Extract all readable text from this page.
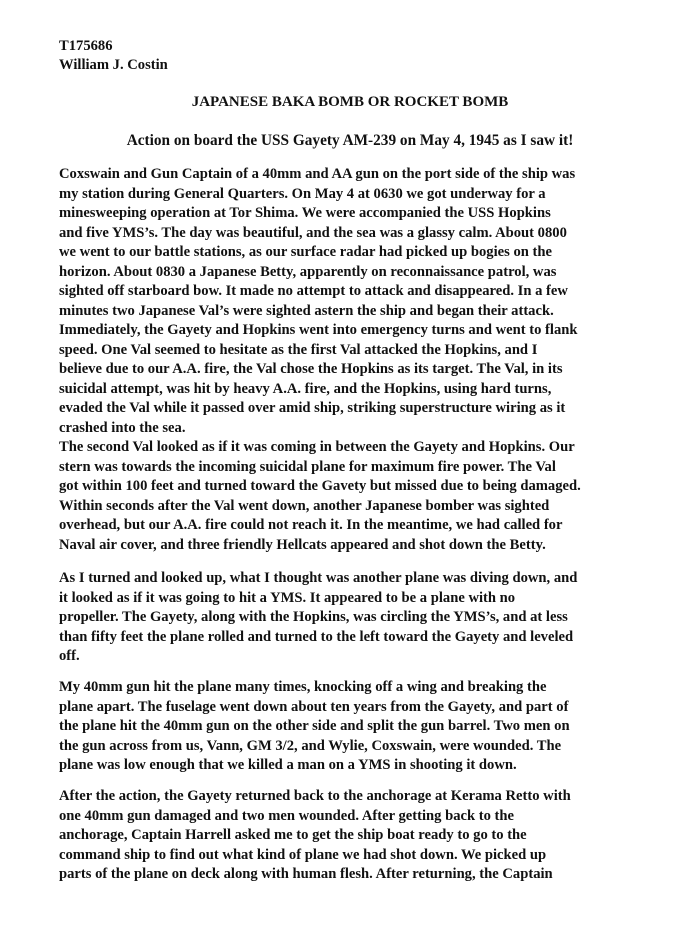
T175686
William J. Costin
JAPANESE BAKA BOMB OR ROCKET BOMB
Action on board the USS Gayety AM-239 on May 4, 1945 as I saw it!
Coxswain and Gun Captain of a 40mm and AA gun on the port side of the ship was
my station during General Quarters. On May 4 at 0630 we got underway for a
minesweeping operation at Tor Shima. We were accompanied the USS Hopkins
and five YMS’s. The day was beautiful, and the sea was a glassy calm. About 0800
we went to our battle stations, as our surface radar had picked up bogies on the
horizon. About 0830 a Japanese Betty, apparently on reconnaissance patrol, was
sighted off starboard bow. It made no attempt to attack and disappeared. In a few
minutes two Japanese Val’s were sighted astern the ship and began their attack.
Immediately, the Gayety and Hopkins went into emergency turns and went to flank
speed. One Val seemed to hesitate as the first Val attacked the Hopkins, and I
believe due to our A.A. fire, the Val chose the Hopkins as its target. The Val, in its
suicidal attempt, was hit by heavy A.A. fire, and the Hopkins, using hard turns,
evaded the Val while it passed over amid ship, striking superstructure wiring as it
crashed into the sea.
The second Val looked as if it was coming in between the Gayety and Hopkins. Our
stern was towards the incoming suicidal plane for maximum fire power. The Val
got within 100 feet and turned toward the Gavety but missed due to being damaged.
Within seconds after the Val went down, another Japanese bomber was sighted
overhead, but our A.A. fire could not reach it. In the meantime, we had called for
Naval air cover, and three friendly Hellcats appeared and shot down the Betty.
As I turned and looked up, what I thought was another plane was diving down, and
it looked as if it was going to hit a YMS. It appeared to be a plane with no
propeller. The Gayety, along with the Hopkins, was circling the YMS’s, and at less
than fifty feet the plane rolled and turned to the left toward the Gayety and leveled
off.
My 40mm gun hit the plane many times, knocking off a wing and breaking the
plane apart. The fuselage went down about ten years from the Gayety, and part of
the plane hit the 40mm gun on the other side and split the gun barrel. Two men on
the gun across from us, Vann, GM 3/2, and Wylie, Coxswain, were wounded. The
plane was low enough that we killed a man on a YMS in shooting it down.
After the action, the Gayety returned back to the anchorage at Kerama Retto with
one 40mm gun damaged and two men wounded. After getting back to the
anchorage, Captain Harrell asked me to get the ship boat ready to go to the
command ship to find out what kind of plane we had shot down. We picked up
parts of the plane on deck along with human flesh. After returning, the Captain
